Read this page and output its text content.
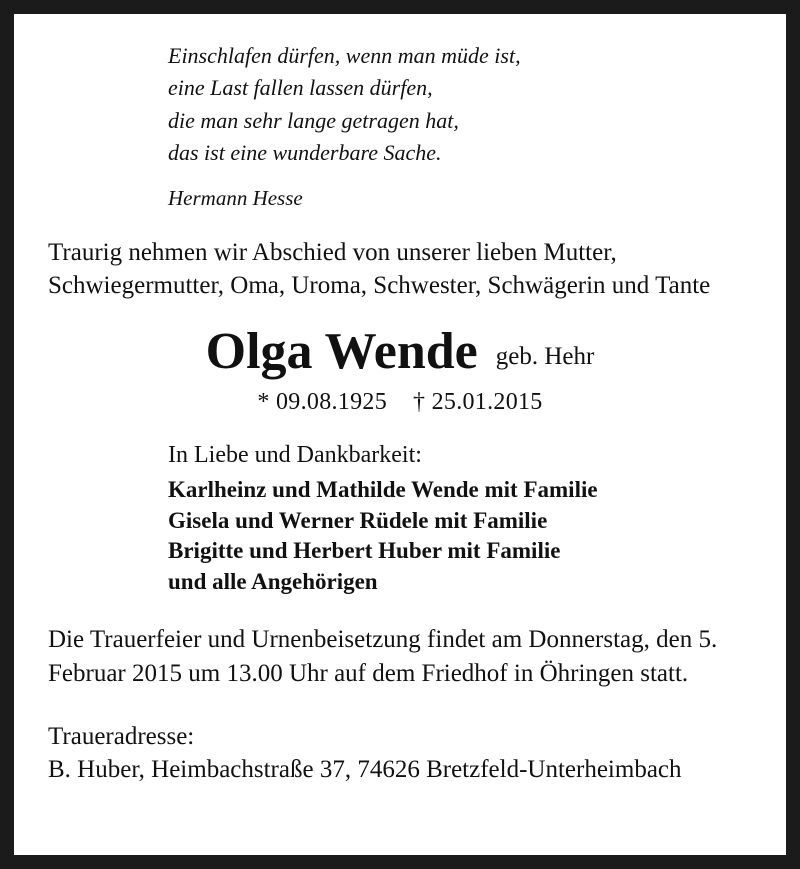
Einschlafen dürfen, wenn man müde ist,
eine Last fallen lassen dürfen,
die man sehr lange getragen hat,
das ist eine wunderbare Sache.
Hermann Hesse
Traurig nehmen wir Abschied von unserer lieben Mutter, Schwiegermutter, Oma, Uroma, Schwester, Schwägerin und Tante
Olga Wende geb. Hehr
* 09.08.1925 † 25.01.2015
In Liebe und Dankbarkeit:
Karlheinz und Mathilde Wende mit Familie
Gisela und Werner Rüdele mit Familie
Brigitte und Herbert Huber mit Familie
und alle Angehörigen
Die Trauerfeier und Urnenbeisetzung findet am Donnerstag, den 5. Februar 2015 um 13.00 Uhr auf dem Friedhof in Öhringen statt.
Traueradresse:
B. Huber, Heimbachstraße 37, 74626 Bretzfeld-Unterheimbach
